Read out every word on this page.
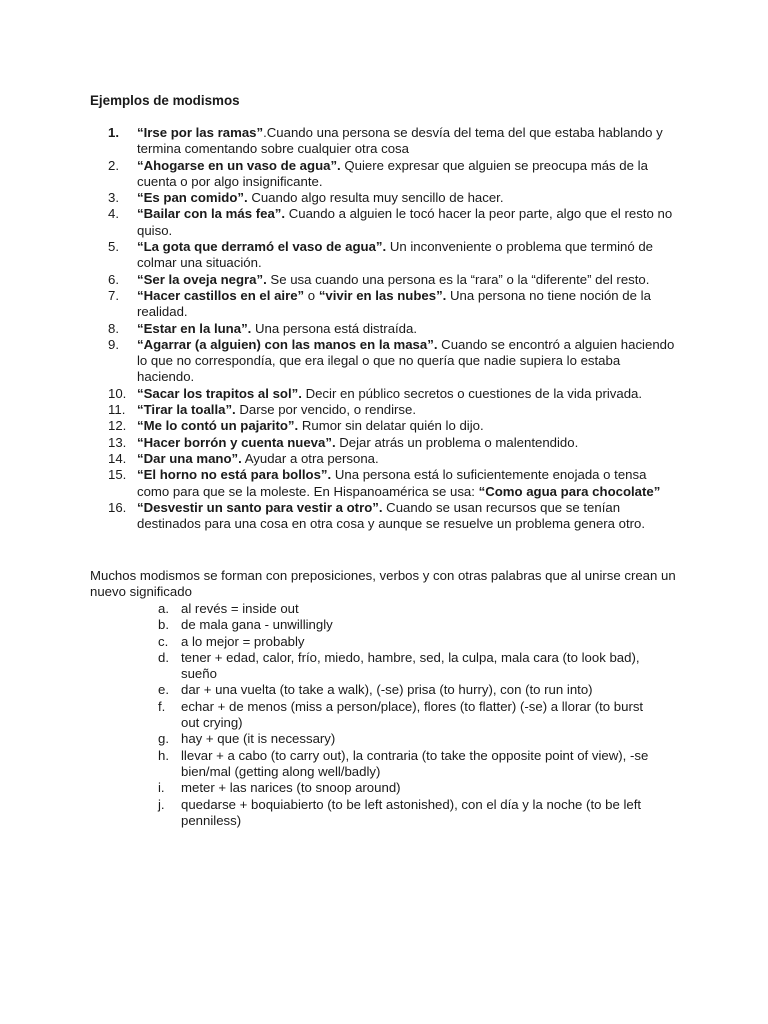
Ejemplos de modismos
1. “Irse por las ramas”.Cuando una persona se desvía del tema del que estaba hablando y termina comentando sobre cualquier otra cosa
2. “Ahogarse en un vaso de agua”. Quiere expresar que alguien se preocupa más de la cuenta o por algo insignificante.
3. “Es pan comido”. Cuando algo resulta muy sencillo de hacer.
4. “Bailar con la más fea”. Cuando a alguien le tocó hacer la peor parte, algo que el resto no quiso.
5. “La gota que derramó el vaso de agua”. Un inconveniente o problema que terminó de colmar una situación.
6. “Ser la oveja negra”. Se usa cuando una persona es la “rara” o la “diferente” del resto.
7. “Hacer castillos en el aire” o “vivir en las nubes”. Una persona no tiene noción de la realidad.
8. “Estar en la luna”. Una persona está distraída.
9. “Agarrar (a alguien) con las manos en la masa”. Cuando se encontró a alguien haciendo lo que no correspondía, que era ilegal o que no quería que nadie supiera lo estaba haciendo.
10. “Sacar los trapitos al sol”. Decir en público secretos o cuestiones de la vida privada.
11. “Tirar la toalla”. Darse por vencido, o rendirse.
12. “Me lo contó un pajarito”. Rumor sin delatar quién lo dijo.
13. “Hacer borrón y cuenta nueva”. Dejar atrás un problema o malentendido.
14. “Dar una mano”. Ayudar a otra persona.
15. “El horno no está para bollos”. Una persona está lo suficientemente enojada o tensa como para que se la moleste. En Hispanoamérica se usa: “Como agua para chocolate”
16. “Desvestir un santo para vestir a otro”. Cuando se usan recursos que se tenían destinados para una cosa en otra cosa y aunque se resuelve un problema genera otro.
Muchos modismos se forman con preposiciones, verbos y con otras palabras que al unirse crean un nuevo significado
a. al revés = inside out
b. de mala gana - unwillingly
c. a lo mejor = probably
d. tener + edad, calor, frío, miedo, hambre, sed, la culpa, mala cara (to look bad), sueño
e. dar + una vuelta (to take a walk), (-se) prisa (to hurry), con (to run into)
f. echar + de menos (miss a person/place), flores (to flatter) (-se) a llorar (to burst out crying)
g. hay + que (it is necessary)
h. llevar + a cabo (to carry out), la contraria (to take the opposite point of view), -se bien/mal (getting along well/badly)
i. meter + las narices (to snoop around)
j. quedarse + boquiabierto (to be left astonished), con el día y la noche (to be left penniless)
